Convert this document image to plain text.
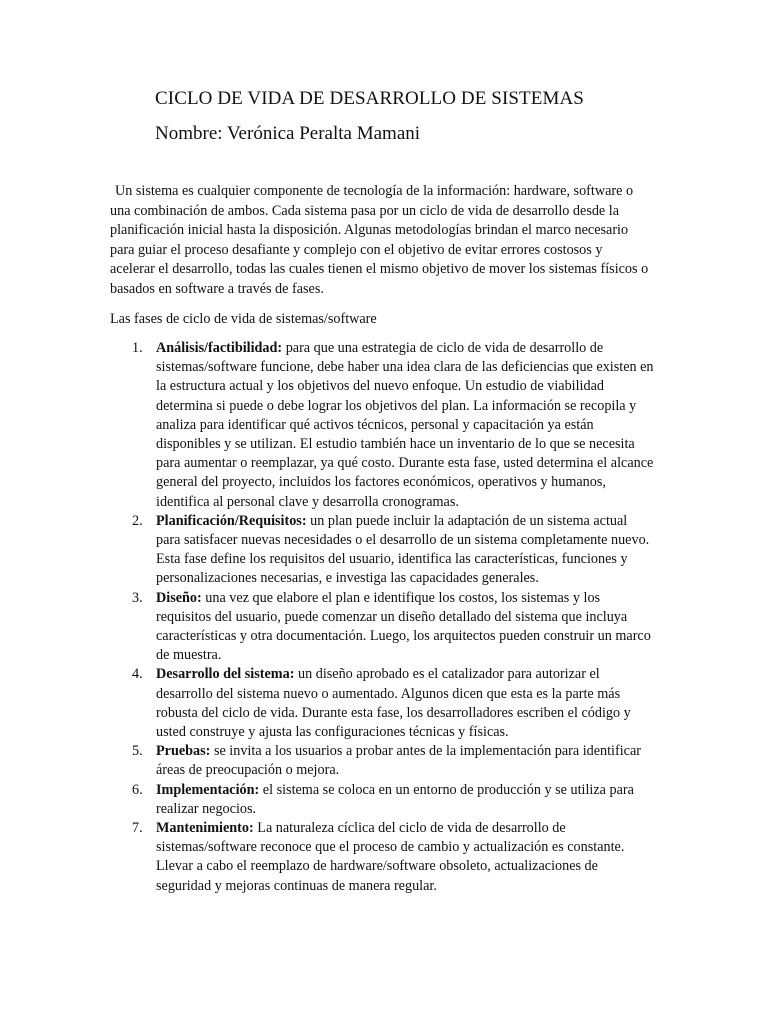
CICLO DE VIDA DE DESARROLLO DE SISTEMAS
Nombre: Verónica Peralta Mamani

Un sistema es cualquier componente de tecnología de la información: hardware, software o una combinación de ambos. Cada sistema pasa por un ciclo de vida de desarrollo desde la planificación inicial hasta la disposición. Algunas metodologías brindan el marco necesario para guiar el proceso desafiante y complejo con el objetivo de evitar errores costosos y acelerar el desarrollo, todas las cuales tienen el mismo objetivo de mover los sistemas físicos o basados en software a través de fases.

Las fases de ciclo de vida de sistemas/software

1. Análisis/factibilidad: para que una estrategia de ciclo de vida de desarrollo de sistemas/software funcione, debe haber una idea clara de las deficiencias que existen en la estructura actual y los objetivos del nuevo enfoque. Un estudio de viabilidad determina si puede o debe lograr los objetivos del plan. La información se recopila y analiza para identificar qué activos técnicos, personal y capacitación ya están disponibles y se utilizan. El estudio también hace un inventario de lo que se necesita para aumentar o reemplazar, ya qué costo. Durante esta fase, usted determina el alcance general del proyecto, incluidos los factores económicos, operativos y humanos, identifica al personal clave y desarrolla cronogramas.
2. Planificación/Requisitos: un plan puede incluir la adaptación de un sistema actual para satisfacer nuevas necesidades o el desarrollo de un sistema completamente nuevo. Esta fase define los requisitos del usuario, identifica las características, funciones y personalizaciones necesarias, e investiga las capacidades generales.
3. Diseño: una vez que elabore el plan e identifique los costos, los sistemas y los requisitos del usuario, puede comenzar un diseño detallado del sistema que incluya características y otra documentación. Luego, los arquitectos pueden construir un marco de muestra.
4. Desarrollo del sistema: un diseño aprobado es el catalizador para autorizar el desarrollo del sistema nuevo o aumentado. Algunos dicen que esta es la parte más robusta del ciclo de vida. Durante esta fase, los desarrolladores escriben el código y usted construye y ajusta las configuraciones técnicas y físicas.
5. Pruebas: se invita a los usuarios a probar antes de la implementación para identificar áreas de preocupación o mejora.
6. Implementación: el sistema se coloca en un entorno de producción y se utiliza para realizar negocios.
7. Mantenimiento: La naturaleza cíclica del ciclo de vida de desarrollo de sistemas/software reconoce que el proceso de cambio y actualización es constante. Llevar a cabo el reemplazo de hardware/software obsoleto, actualizaciones de seguridad y mejoras continuas de manera regular.
